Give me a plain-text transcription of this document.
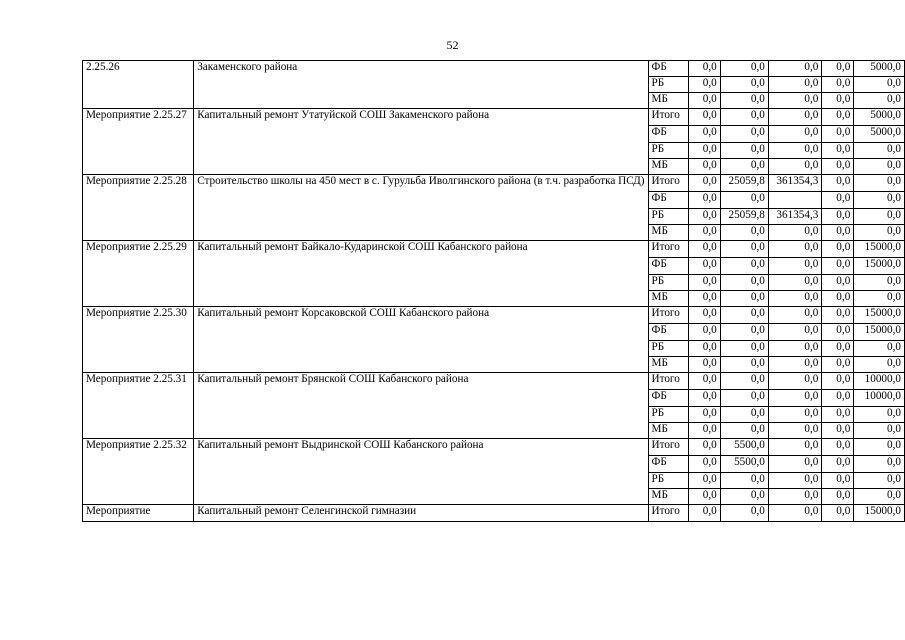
52
2.25.26	Закаменского района	ФБ	0,0	0,0	0,0	0,0	5000,0
		РБ	0,0	0,0	0,0	0,0	0,0
		МБ	0,0	0,0	0,0	0,0	0,0
Мероприятие 2.25.27	Капитальный ремонт Утатуйской СОШ Закаменского района	Итого	0,0	0,0	0,0	0,0	5000,0
		ФБ	0,0	0,0	0,0	0,0	5000,0
		РБ	0,0	0,0	0,0	0,0	0,0
		МБ	0,0	0,0	0,0	0,0	0,0
Мероприятие 2.25.28	Строительство школы на 450 мест в с. Гурульба Иволгинского района (в т.ч. разработка ПСД)	Итого	0,0	25059,8	361354,3	0,0	0,0
		ФБ	0,0	0,0		0,0	0,0
		РБ	0,0	25059,8	361354,3	0,0	0,0
		МБ	0,0	0,0	0,0	0,0	0,0
Мероприятие 2.25.29	Капитальный ремонт Байкало-Кударинской СОШ Кабанского района	Итого	0,0	0,0	0,0	0,0	15000,0
		ФБ	0,0	0,0	0,0	0,0	15000,0
		РБ	0,0	0,0	0,0	0,0	0,0
		МБ	0,0	0,0	0,0	0,0	0,0
Мероприятие 2.25.30	Капитальный ремонт Корсаковской СОШ Кабанского района	Итого	0,0	0,0	0,0	0,0	15000,0
		ФБ	0,0	0,0	0,0	0,0	15000,0
		РБ	0,0	0,0	0,0	0,0	0,0
		МБ	0,0	0,0	0,0	0,0	0,0
Мероприятие 2.25.31	Капитальный ремонт Брянской СОШ Кабанского района	Итого	0,0	0,0	0,0	0,0	10000,0
		ФБ	0,0	0,0	0,0	0,0	10000,0
		РБ	0,0	0,0	0,0	0,0	0,0
		МБ	0,0	0,0	0,0	0,0	0,0
Мероприятие 2.25.32	Капитальный ремонт Выдринской СОШ Кабанского района	Итого	0,0	5500,0	0,0	0,0	0,0
		ФБ	0,0	5500,0	0,0	0,0	0,0
		РБ	0,0	0,0	0,0	0,0	0,0
		МБ	0,0	0,0	0,0	0,0	0,0
Мероприятие	Капитальный ремонт Селенгинской гимназии	Итого	0,0	0,0	0,0	0,0	15000,0
